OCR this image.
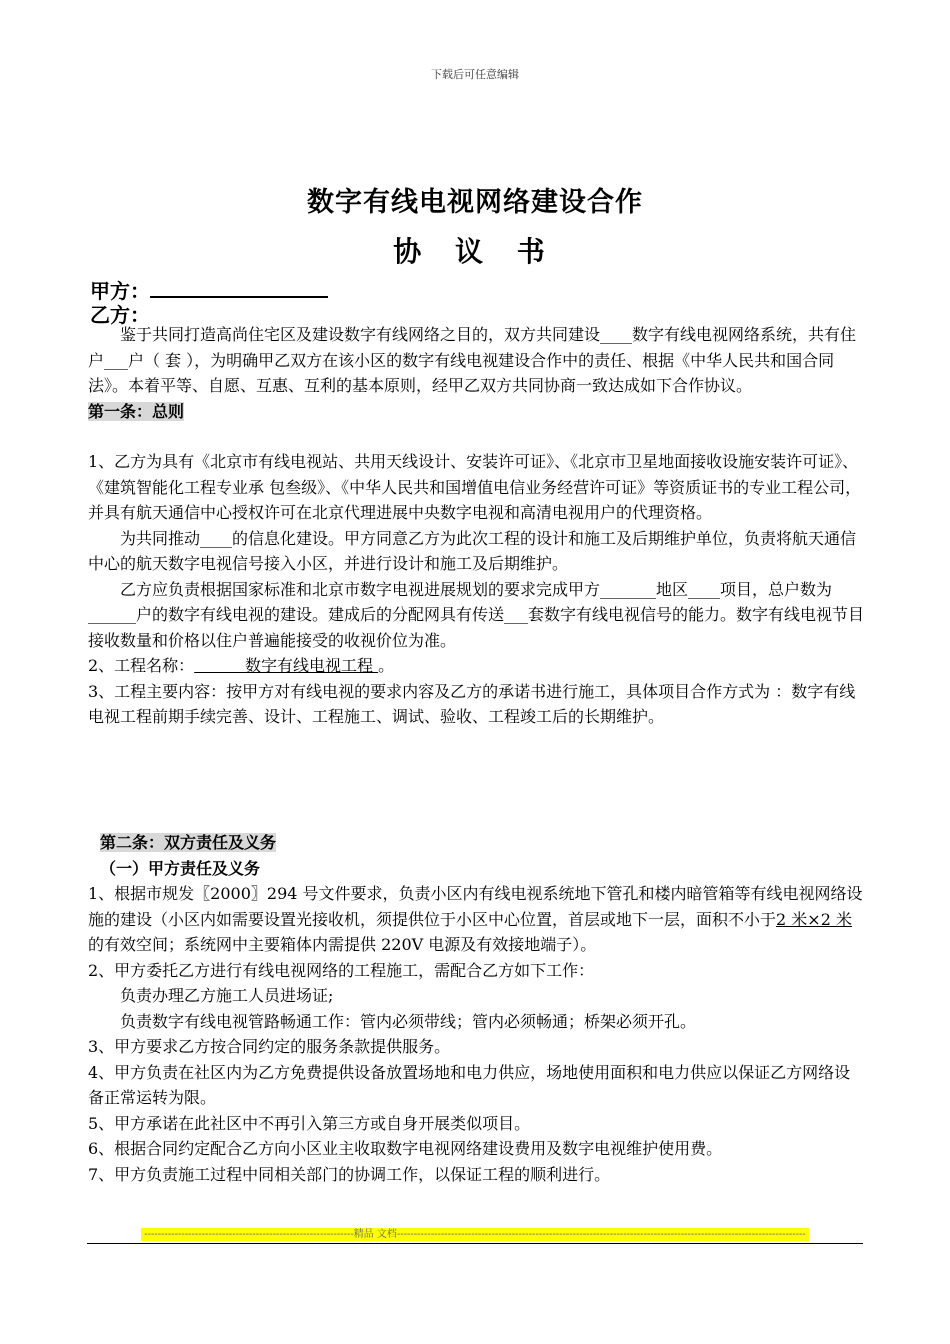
下载后可任意编辑
数字有线电视网络建设合作
协 议 书
甲方：
乙方：

鉴于共同打造高尚住宅区及建设数字有线网络之目的，双方共同建设____数字有线电视网络系统，共有住户___户（ 套 ），为明确甲乙双方在该小区的数字有线电视建设合作中的责任、根据《中华人民共和国合同法》。本着平等、自愿、互惠、互利的基本原则，经甲乙双方共同协商一致达成如下合作协议。

第一条：总则

1、乙方为具有《北京市有线电视站、共用天线设计、安装许可证》、《北京市卫星地面接收设施安装许可证》、《建筑智能化工程专业承 包叁级》、《中华人民共和国增值电信业务经营许可证》等资质证书的专业工程公司，并具有航天通信中心授权许可在北京代理进展中央数字电视和高清电视用户的代理资格。

为共同推动____的信息化建设。甲方同意乙方为此次工程的设计和施工及后期维护单位，负责将航天通信中心的航天数字电视信号接入小区，并进行设计和施工及后期维护。

乙方应负责根据国家标准和北京市数字电视进展规划的要求完成甲方_______地区____项目，总户数为______户的数字有线电视的建设。建成后的分配网具有传送___套数字有线电视信号的能力。数字有线电视节目接收数量和价格以住户普遍能接受的收视价位为准。

2、工程名称：          数字有线电视工程 。

3、工程主要内容：按甲方对有线电视的要求内容及乙方的承诺书进行施工，具体项目合作方式为 ：数字有线电视工程前期手续完善、设计、工程施工、调试、验收、工程竣工后的长期维护。

第二条：双方责任及义务

（一）甲方责任及义务

1、根据市规发〖2000〗294 号文件要求，负责小区内有线电视系统地下管孔和楼内暗管箱等有线电视网络设施的建设（小区内如需要设置光接收机，须提供位于小区中心位置，首层或地下一层，面积不小于2 米×2 米的有效空间；系统网中主要箱体内需提供 220V 电源及有效接地端子）。

2、甲方委托乙方进行有线电视网络的工程施工，需配合乙方如下工作：

负责办理乙方施工人员进场证;

负责数字有线电视管路畅通工作：管内必须带线；管内必须畅通；桥架必须开孔。

3、甲方要求乙方按合同约定的服务条款提供服务。

4、甲方负责在社区内为乙方免费提供设备放置场地和电力供应，场地使用面积和电力供应以保证乙方网络设备正常运转为限。

5、甲方承诺在此社区中不再引入第三方或自身开展类似项目。

6、根据合同约定配合乙方向小区业主收取数字电视网络建设费用及数字电视维护使用费。

7、甲方负责施工过程中同相关部门的协调工作，以保证工程的顺利进行。

--------------------------------------------------------------精品 文档-------------------------------------------------------------------------------------------------------------------------
